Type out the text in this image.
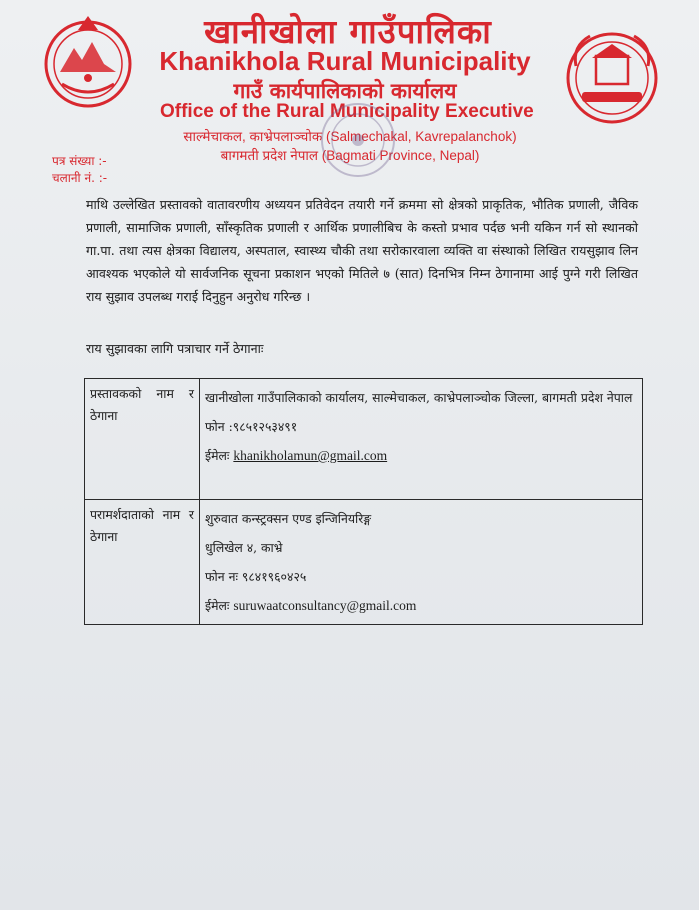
खानीखोला गाउँपालिका
Khanikhola Rural Municipality
गाउँ कार्यपालिकाको कार्यालय
Office of the Rural Municipality Executive
साल्मेचाकल, काभ्रेपलाञ्चोक (Salmechakal, Kavrepalanchok)
बागमती प्रदेश नेपाल (Bagmati Province, Nepal)
पत्र संख्या :-
चलानी नं. :-

माथि उल्लेखित प्रस्तावको वातावरणीय अध्ययन प्रतिवेदन तयारी गर्ने क्रममा सो क्षेत्रको प्राकृतिक, भौतिक प्रणाली, जैविक प्रणाली, सामाजिक प्रणाली, साँस्कृतिक प्रणाली र आर्थिक प्रणालीबिच के कस्तो प्रभाव पर्दछ भनी यकिन गर्न सो स्थानको गा.पा. तथा त्यस क्षेत्रका विद्यालय, अस्पताल, स्वास्थ्य चौकी तथा सरोकारवाला व्यक्ति वा संस्थाको लिखित रायसुझाव लिन आवश्यक भएकोले यो सार्वजनिक सूचना प्रकाशन भएको मितिले ७ (सात) दिनभित्र निम्न ठेगानामा आई पुग्ने गरी लिखित राय सुझाव उपलब्ध गराई दिनुहुन अनुरोध गरिन्छ ।

राय सुझावका लागि पत्राचार गर्ने ठेगानाः
प्रस्तावकको नाम र ठेगाना	खानीखोला गाउँपालिकाको कार्यालय, साल्मेचाकल, काभ्रेपलाञ्चोक जिल्ला, बागमती प्रदेश नेपाल
फोन :९८५१२५३४९१
ईमेलः khanikholamun@gmail.com

परामर्शदाताको नाम र ठेगाना	शुरुवात कन्स्ट्रक्सन एण्ड इन्जिनियरिङ्ग
धुलिखेल ४, काभ्रे
फोन नः ९८४१९६०४२५
ईमेलः suruwaatconsultancy@gmail.com
